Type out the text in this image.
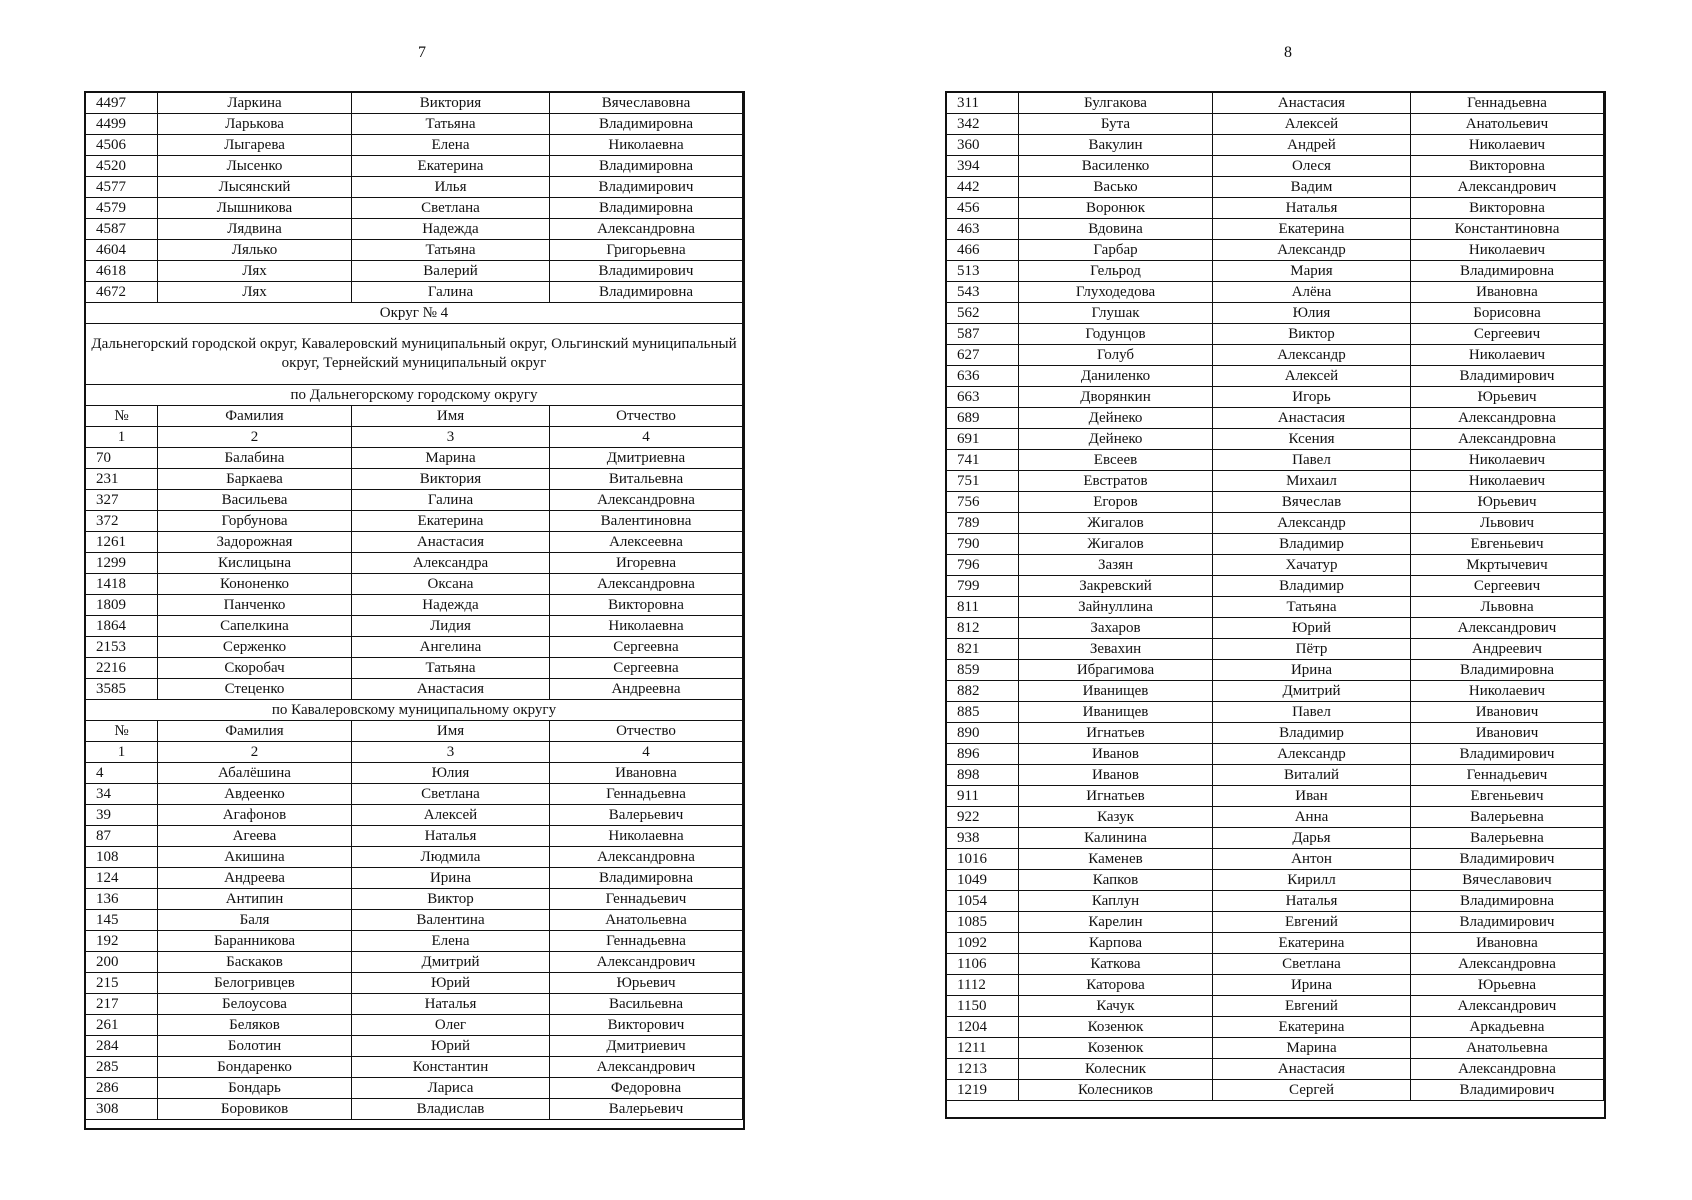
7	8
4497	Ларкина	Виктория	Вячеславовна
4499	Ларькова	Татьяна	Владимировна
4506	Лыгарева	Елена	Николаевна
4520	Лысенко	Екатерина	Владимировна
4577	Лысянский	Илья	Владимирович
4579	Лышникова	Светлана	Владимировна
4587	Лядвина	Надежда	Александровна
4604	Лялько	Татьяна	Григорьевна
4618	Лях	Валерий	Владимирович
4672	Лях	Галина	Владимировна
Округ № 4			
Дальнегорский городской округ, Кавалеровский муниципальный округ, Ольгинский муниципальный округ, Тернейский муниципальный округ			
по Дальнегорскому городскому округу			
№	Фамилия	Имя	Отчество
1	2	3	4
70	Балабина	Марина	Дмитриевна
231	Баркаева	Виктория	Витальевна
327	Васильева	Галина	Александровна
372	Горбунова	Екатерина	Валентиновна
1261	Задорожная	Анастасия	Алексеевна
1299	Кислицына	Александра	Игоревна
1418	Кононенко	Оксана	Александровна
1809	Панченко	Надежда	Викторовна
1864	Сапелкина	Лидия	Николаевна
2153	Серженко	Ангелина	Сергеевна
2216	Скоробач	Татьяна	Сергеевна
3585	Стеценко	Анастасия	Андреевна
по Кавалеровскому муниципальному округу			
№	Фамилия	Имя	Отчество
1	2	3	4
4	Абалёшина	Юлия	Ивановна
34	Авдеенко	Светлана	Геннадьевна
39	Агафонов	Алексей	Валерьевич
87	Агеева	Наталья	Николаевна
108	Акишина	Людмила	Александровна
124	Андреева	Ирина	Владимировна
136	Антипин	Виктор	Геннадьевич
145	Баля	Валентина	Анатольевна
192	Баранникова	Елена	Геннадьевна
200	Баскаков	Дмитрий	Александрович
215	Белогривцев	Юрий	Юрьевич
217	Белоусова	Наталья	Васильевна
261	Беляков	Олег	Викторович
284	Болотин	Юрий	Дмитриевич
285	Бондаренко	Константин	Александрович
286	Бондарь	Лариса	Федоровна
308	Боровиков	Владислав	Валерьевич
311	Булгакова	Анастасия	Геннадьевна
342	Бута	Алексей	Анатольевич
360	Вакулин	Андрей	Николаевич
394	Василенко	Олеся	Викторовна
442	Васько	Вадим	Александрович
456	Воронюк	Наталья	Викторовна
463	Вдовина	Екатерина	Константиновна
466	Гарбар	Александр	Николаевич
513	Гельрод	Мария	Владимировна
543	Глуходедова	Алёна	Ивановна
562	Глушак	Юлия	Борисовна
587	Годунцов	Виктор	Сергеевич
627	Голуб	Александр	Николаевич
636	Даниленко	Алексей	Владимирович
663	Дворянкин	Игорь	Юрьевич
689	Дейнеко	Анастасия	Александровна
691	Дейнеко	Ксения	Александровна
741	Евсеев	Павел	Николаевич
751	Евстратов	Михаил	Николаевич
756	Егоров	Вячеслав	Юрьевич
789	Жигалов	Александр	Львович
790	Жигалов	Владимир	Евгеньевич
796	Зазян	Хачатур	Мкртычевич
799	Закревский	Владимир	Сергеевич
811	Зайнуллина	Татьяна	Львовна
812	Захаров	Юрий	Александрович
821	Зевахин	Пётр	Андреевич
859	Ибрагимова	Ирина	Владимировна
882	Иванищев	Дмитрий	Николаевич
885	Иванищев	Павел	Иванович
890	Игнатьев	Владимир	Иванович
896	Иванов	Александр	Владимирович
898	Иванов	Виталий	Геннадьевич
911	Игнатьев	Иван	Евгеньевич
922	Казук	Анна	Валерьевна
938	Калинина	Дарья	Валерьевна
1016	Каменев	Антон	Владимирович
1049	Капков	Кирилл	Вячеславович
1054	Каплун	Наталья	Владимировна
1085	Карелин	Евгений	Владимирович
1092	Карпова	Екатерина	Ивановна
1106	Каткова	Светлана	Александровна
1112	Каторова	Ирина	Юрьевна
1150	Качук	Евгений	Александрович
1204	Козенюк	Екатерина	Аркадьевна
1211	Козенюк	Марина	Анатольевна
1213	Колесник	Анастасия	Александровна
1219	Колесников	Сергей	Владимирович
